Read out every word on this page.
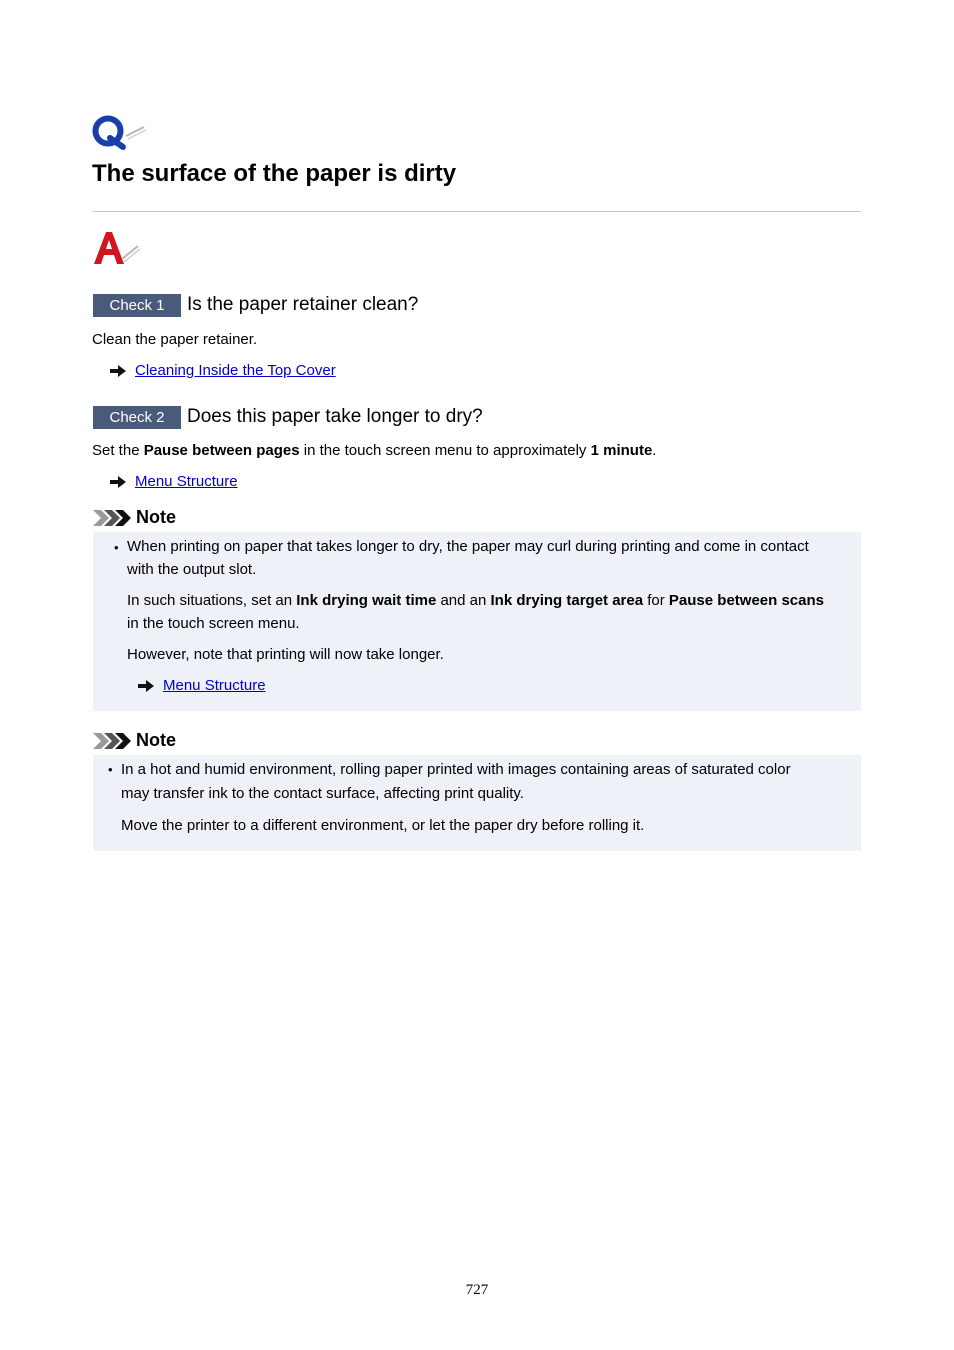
The surface of the paper is dirty
Check 1	Is the paper retainer clean?
Clean the paper retainer.
Cleaning Inside the Top Cover
Check 2	Does this paper take longer to dry?
Set the Pause between pages in the touch screen menu to approximately 1 minute.
Menu Structure
Note
• When printing on paper that takes longer to dry, the paper may curl during printing and come in contact
with the output slot.
In such situations, set an Ink drying wait time and an Ink drying target area for Pause between scans
in the touch screen menu.
However, note that printing will now take longer.
Menu Structure
Note
• In a hot and humid environment, rolling paper printed with images containing areas of saturated color
may transfer ink to the contact surface, affecting print quality.
Move the printer to a different environment, or let the paper dry before rolling it.
727
